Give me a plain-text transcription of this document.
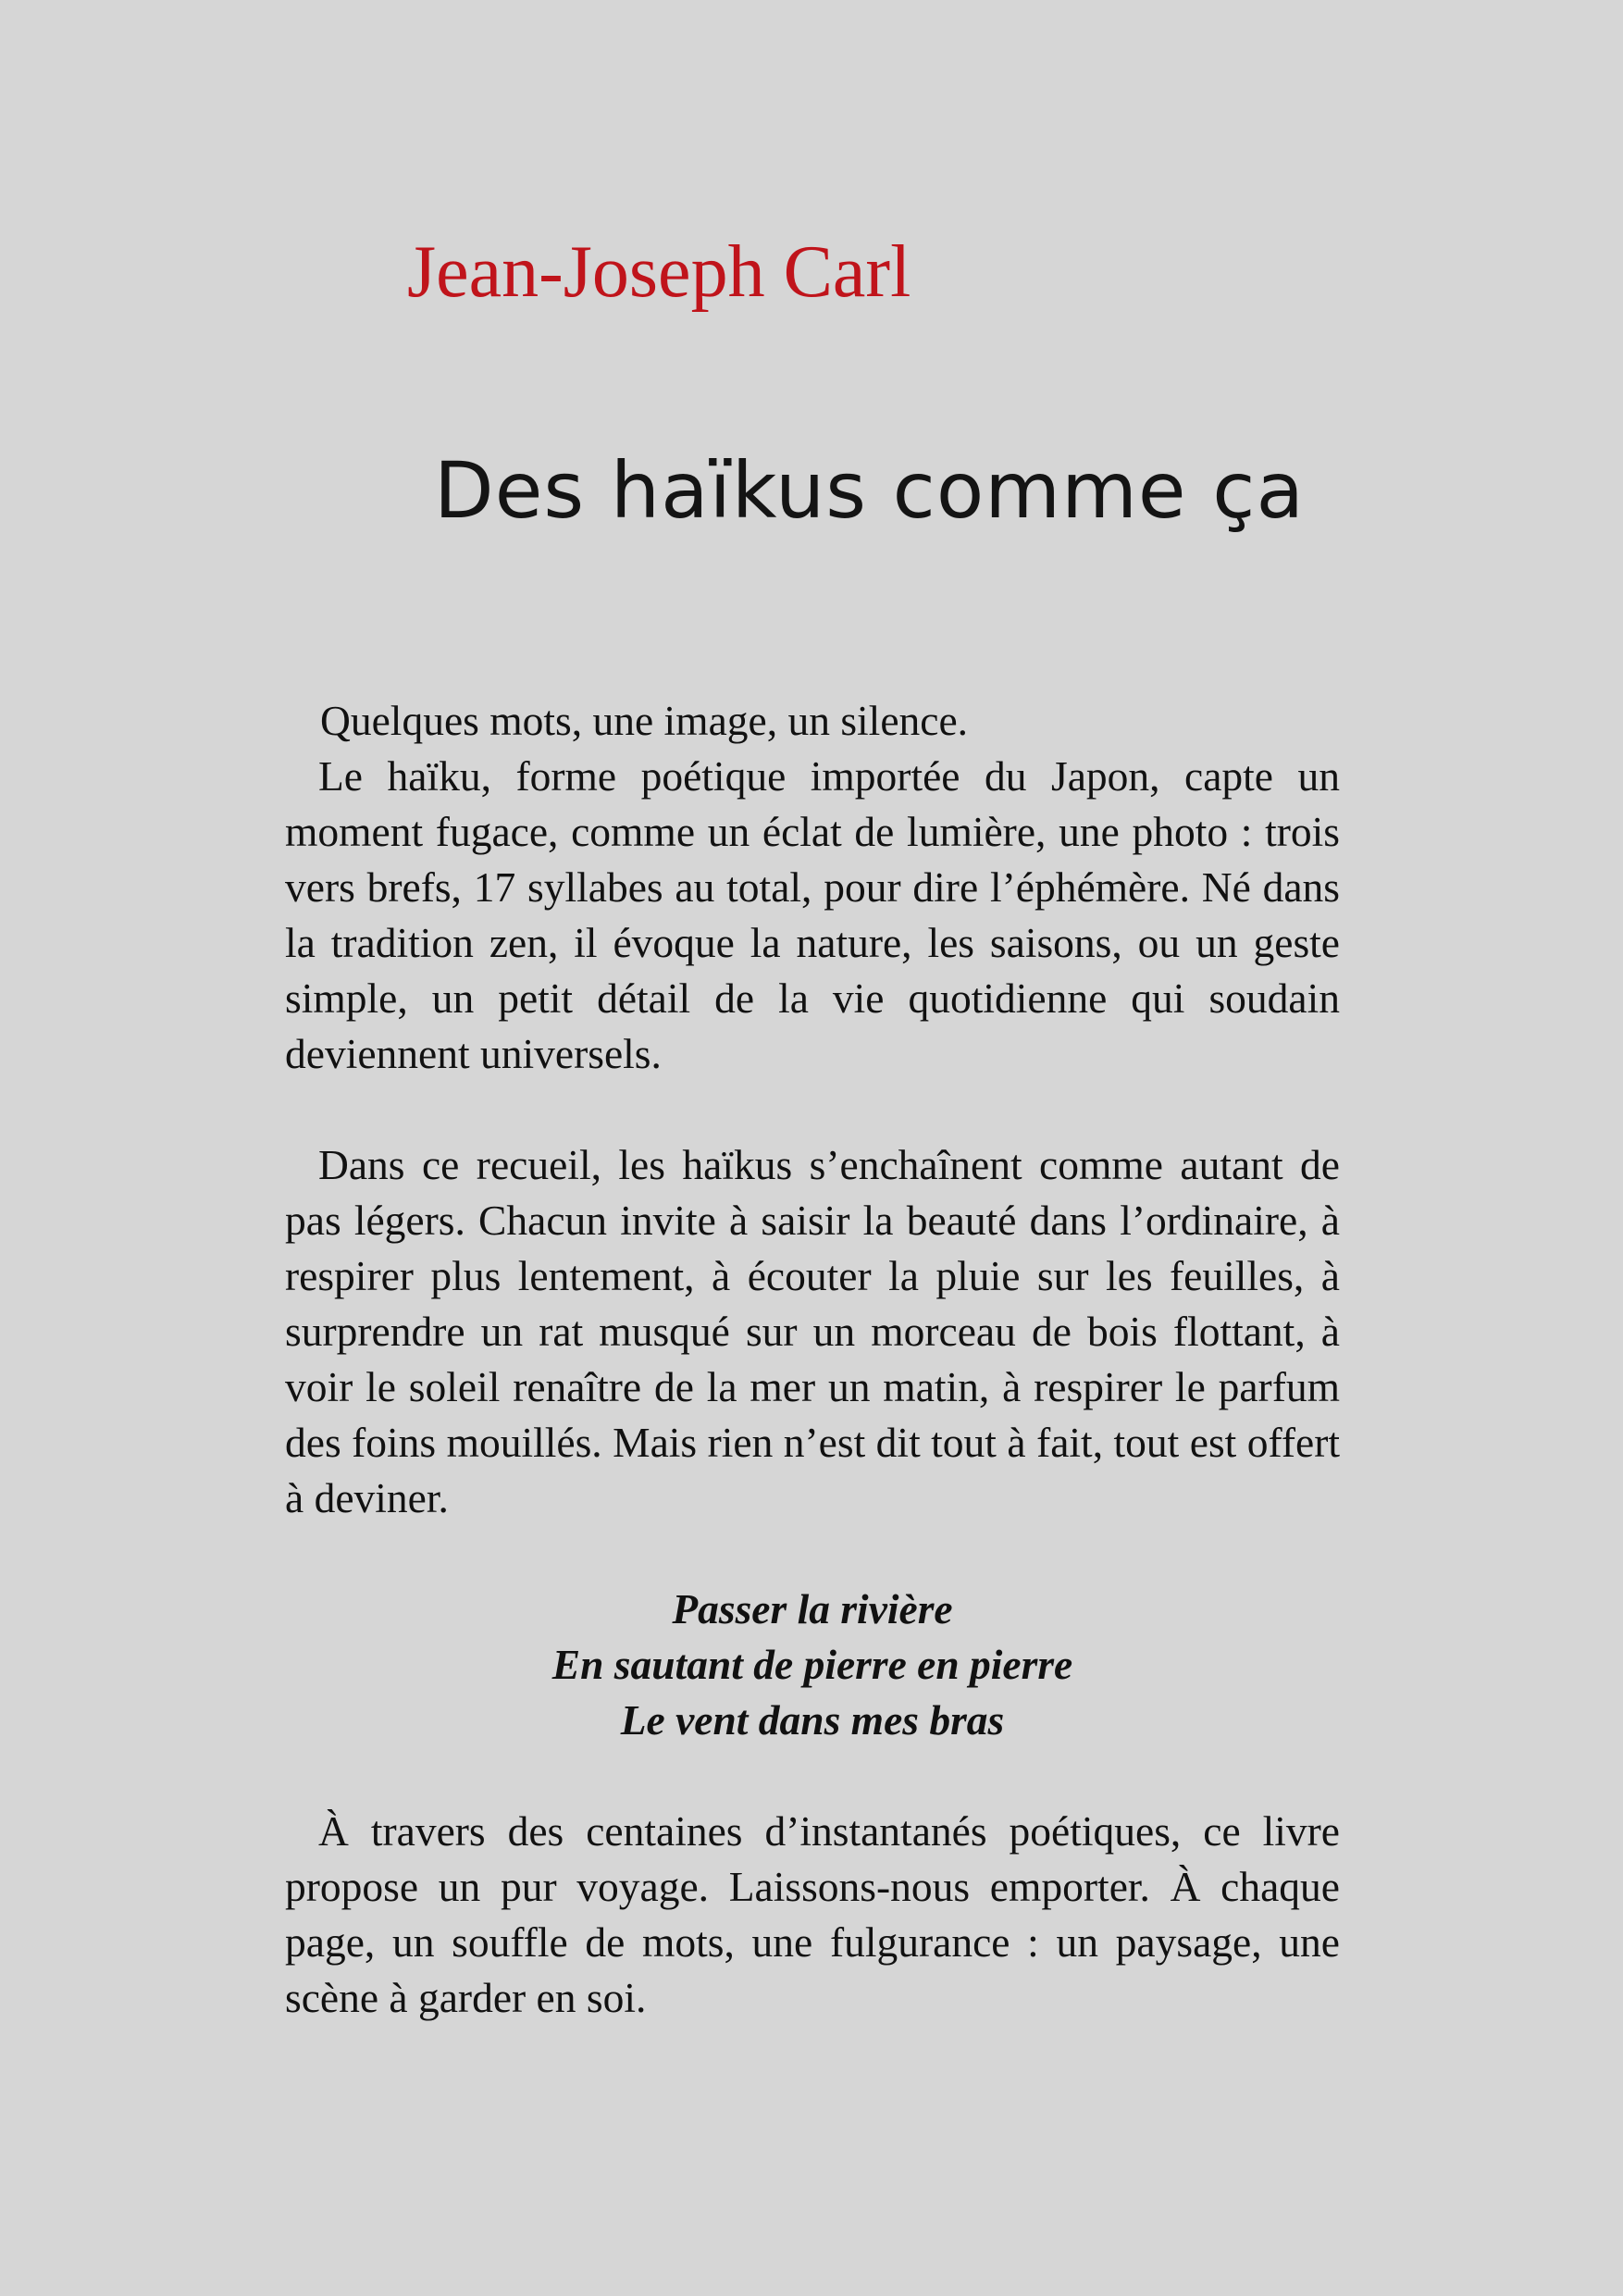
Jean-Joseph Carl
Des haïkus comme ça

Quelques mots, une image, un silence.

Le haïku, forme poétique importée du Japon, capte un moment fugace, comme un éclat de lumière, une photo : trois vers brefs, 17 syllabes au total, pour dire l’éphémère. Né dans la tradition zen, il évoque la nature, les saisons, ou un geste simple, un petit détail de la vie quotidienne qui soudain deviennent universels.

Dans ce recueil, les haïkus s’enchaînent comme autant de pas légers. Chacun invite à saisir la beauté dans l’ordinaire, à respirer plus lentement, à écouter la pluie sur les feuilles, à surprendre un rat musqué sur un morceau de bois flottant, à voir le soleil renaître de la mer un matin, à respirer le parfum des foins mouillés. Mais rien n’est dit tout à fait, tout est offert à deviner.

Passer la rivière
En sautant de pierre en pierre
Le vent dans mes bras

À travers des centaines d’instantanés poétiques, ce livre propose un pur voyage. Laissons-nous emporter. À chaque page, un souffle de mots, une fulgurance : un paysage, une scène à garder en soi.
